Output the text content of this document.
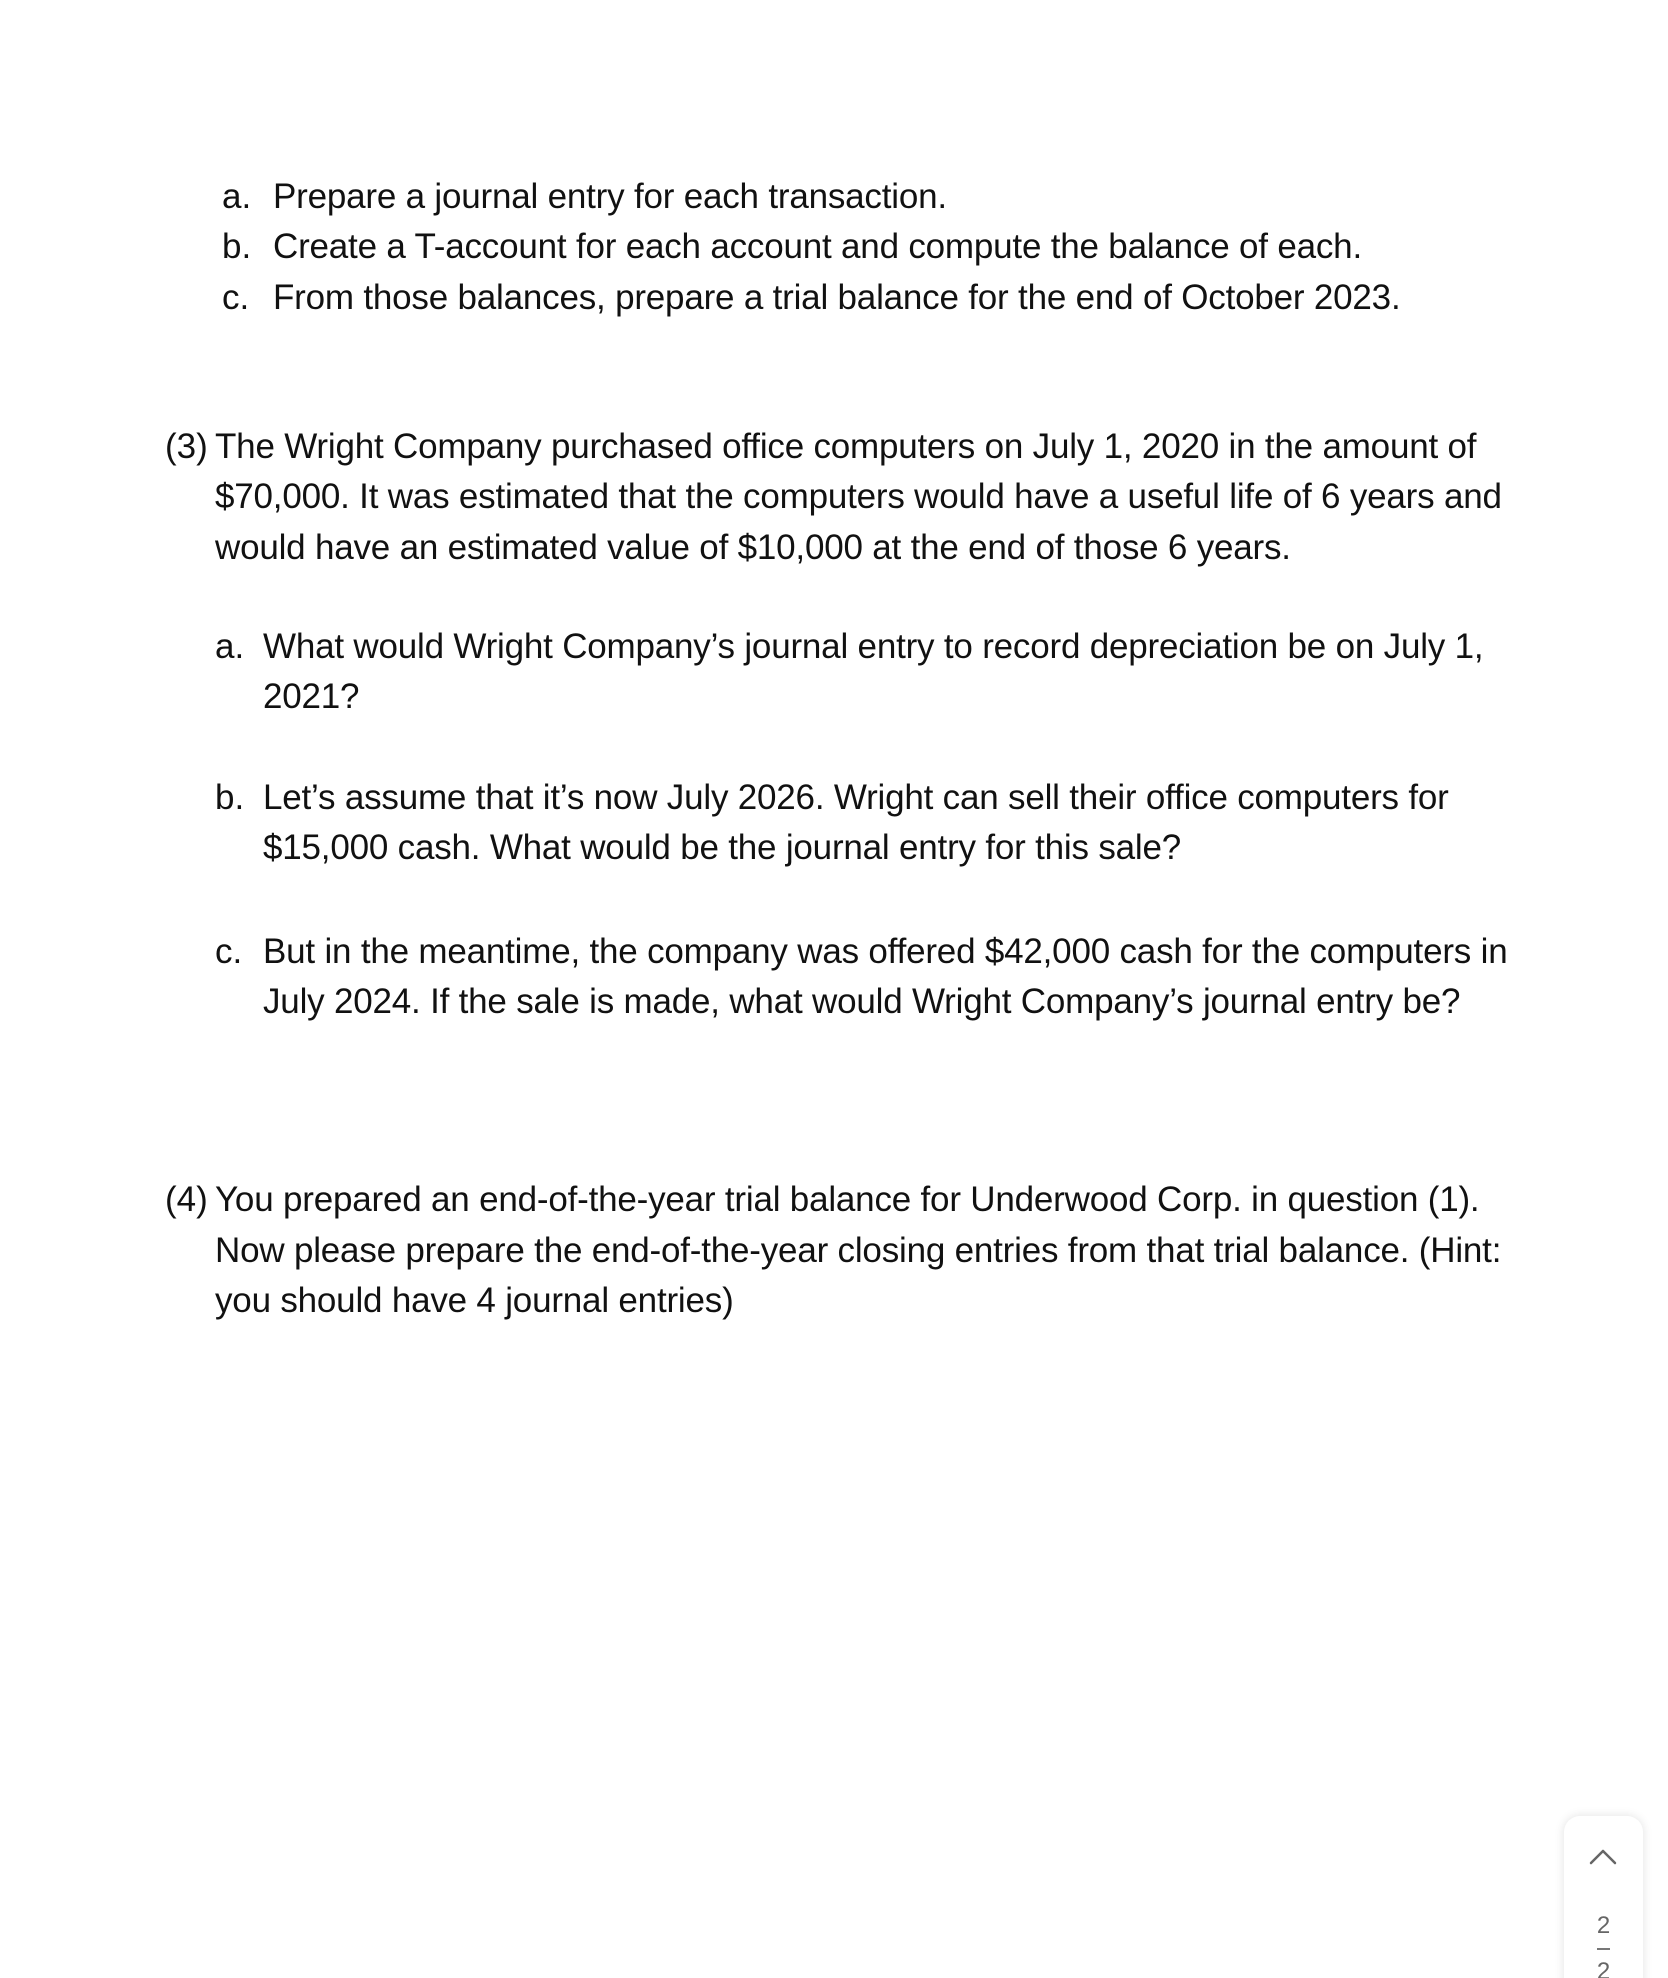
a. Prepare a journal entry for each transaction.
b. Create a T-account for each account and compute the balance of each.
c. From those balances, prepare a trial balance for the end of October 2023.
(3) The Wright Company purchased office computers on July 1, 2020 in the amount of
$70,000. It was estimated that the computers would have a useful life of 6 years and
would have an estimated value of $10,000 at the end of those 6 years.
a. What would Wright Company’s journal entry to record depreciation be on July 1,
2021?
b. Let’s assume that it’s now July 2026. Wright can sell their office computers for
$15,000 cash. What would be the journal entry for this sale?
c. But in the meantime, the company was offered $42,000 cash for the computers in
July 2024. If the sale is made, what would Wright Company’s journal entry be?
(4) You prepared an end-of-the-year trial balance for Underwood Corp. in question (1).
Now please prepare the end-of-the-year closing entries from that trial balance. (Hint:
you should have 4 journal entries)
2
2
